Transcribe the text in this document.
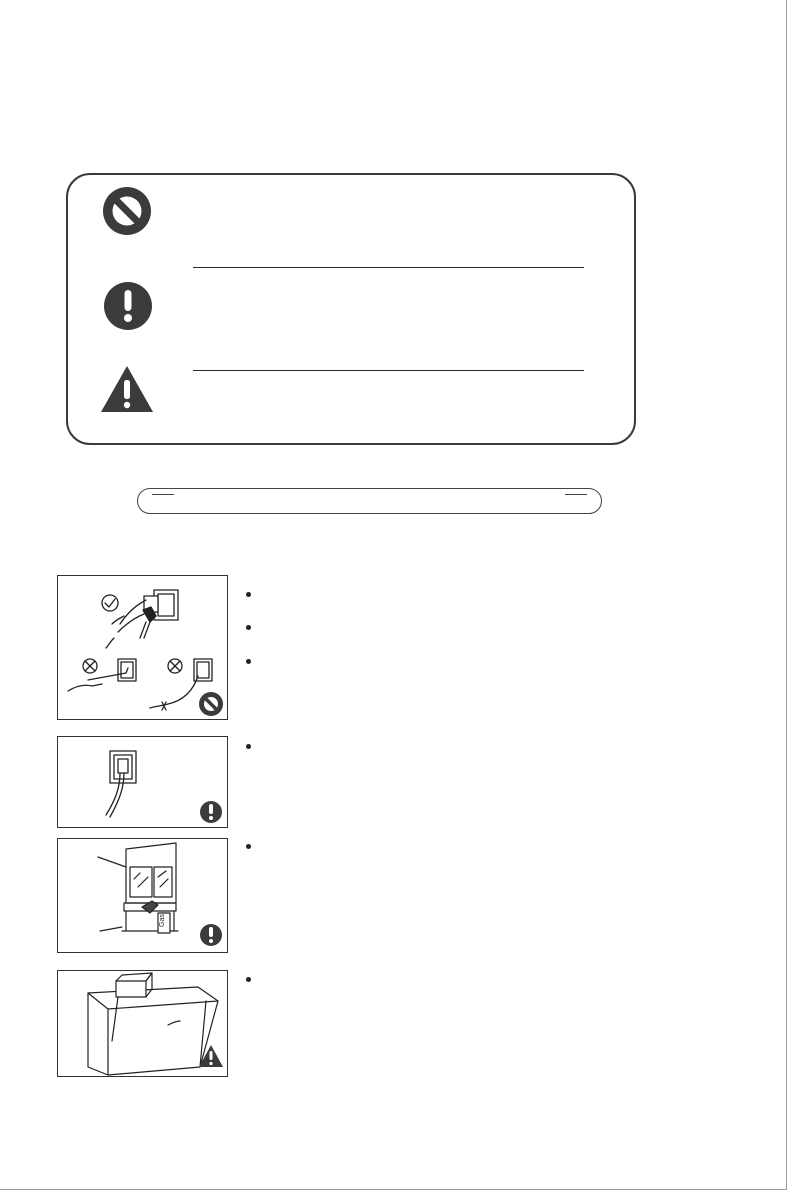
Gas
